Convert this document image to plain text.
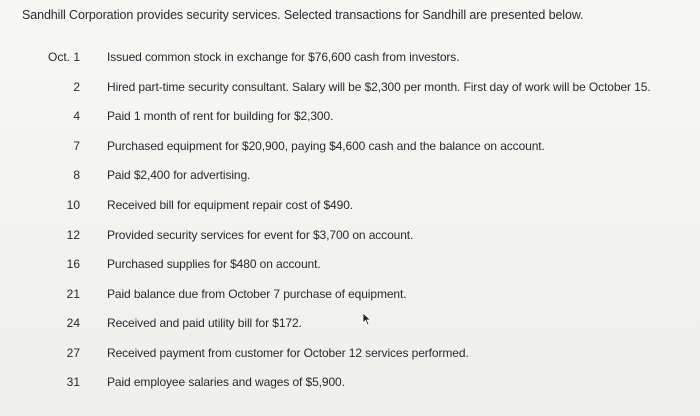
Sandhill Corporation provides security services. Selected transactions for Sandhill are presented below.
Oct. 1 Issued common stock in exchange for $76,600 cash from investors.
2 Hired part-time security consultant. Salary will be $2,300 per month. First day of work will be October 15.
4 Paid 1 month of rent for building for $2,300.
7 Purchased equipment for $20,900, paying $4,600 cash and the balance on account.
8 Paid $2,400 for advertising.
10 Received bill for equipment repair cost of $490.
12 Provided security services for event for $3,700 on account.
16 Purchased supplies for $480 on account.
21 Paid balance due from October 7 purchase of equipment.
24 Received and paid utility bill for $172.
27 Received payment from customer for October 12 services performed.
31 Paid employee salaries and wages of $5,900.
